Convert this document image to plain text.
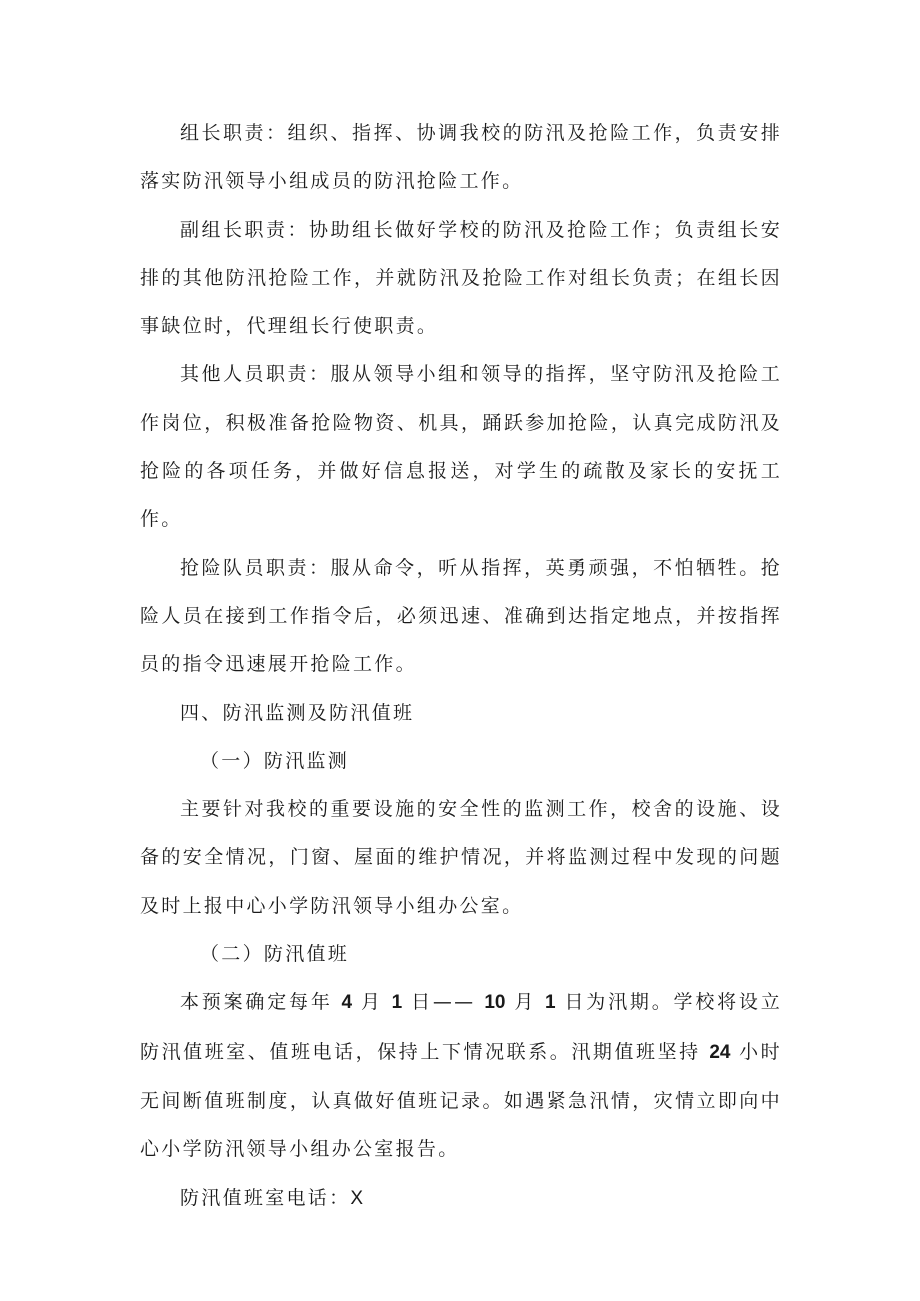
组长职责：组织、指挥、协调我校的防汛及抢险工作，负责安排落实防汛领导小组成员的防汛抢险工作。

副组长职责：协助组长做好学校的防汛及抢险工作；负责组长安排的其他防汛抢险工作，并就防汛及抢险工作对组长负责；在组长因事缺位时，代理组长行使职责。

其他人员职责：服从领导小组和领导的指挥，坚守防汛及抢险工作岗位，积极准备抢险物资、机具，踊跃参加抢险，认真完成防汛及抢险的各项任务，并做好信息报送，对学生的疏散及家长的安抚工作。

抢险队员职责：服从命令，听从指挥，英勇顽强，不怕牺牲。抢险人员在接到工作指令后，必须迅速、准确到达指定地点，并按指挥员的指令迅速展开抢险工作。

四、防汛监测及防汛值班

（一）防汛监测

主要针对我校的重要设施的安全性的监测工作，校舍的设施、设备的安全情况，门窗、屋面的维护情况，并将监测过程中发现的问题及时上报中心小学防汛领导小组办公室。

（二）防汛值班

本预案确定每年 4 月 1 日—— 10 月 1 日为汛期。学校将设立防汛值班室、值班电话，保持上下情况联系。汛期值班坚持 24 小时无间断值班制度，认真做好值班记录。如遇紧急汛情，灾情立即向中心小学防汛领导小组办公室报告。

防汛值班室电话：X
